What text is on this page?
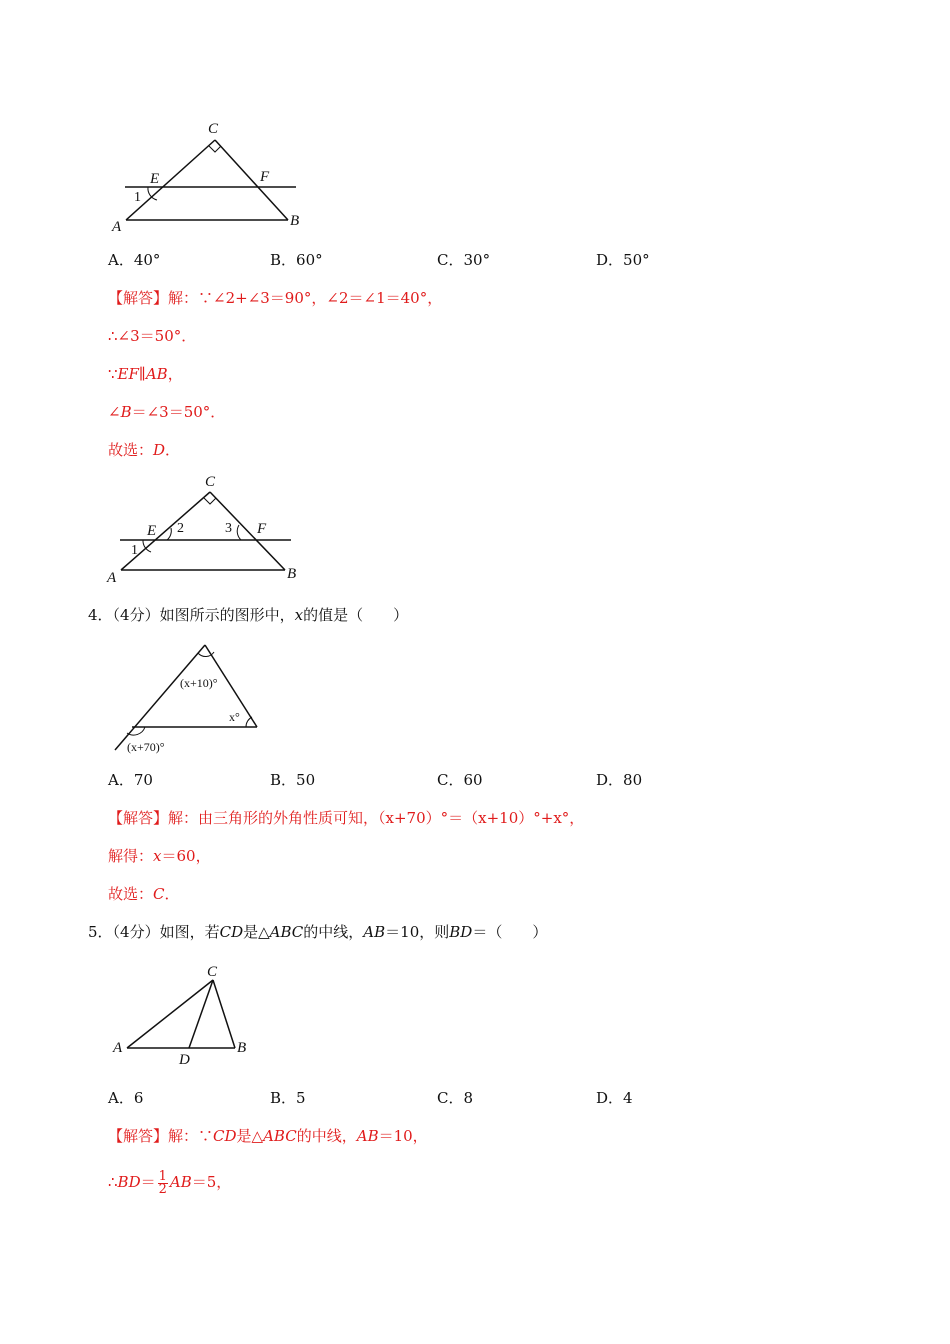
C
E	F
A	B
1
A．40°	B．60°	C．30°	D．50°
【解答】解：∵∠2+∠3＝90°，∠2＝∠1＝40°，
∴∠3＝50°．
∵EF∥AB，
∠B＝∠3＝50°．
故选：D．
C
E	F
A	B
1
2	3
4．（4分）如图所示的图形中，x的值是（　　）
(x+10)°
x°
(x+70)°
A．70	B．50	C．60	D．80
【解答】解：由三角形的外角性质可知，（x+70）°＝（x+10）°+x°，
解得：x＝60，
故选：C．
5．（4分）如图，若CD是△ABC的中线，AB＝10，则BD＝（　　）
C
A
D
B
A．6	B．5	C．8	D．4
【解答】解：∵CD是△ABC的中线，AB＝10，
∴BD＝ $\frac{1}{2} AB=5$，
